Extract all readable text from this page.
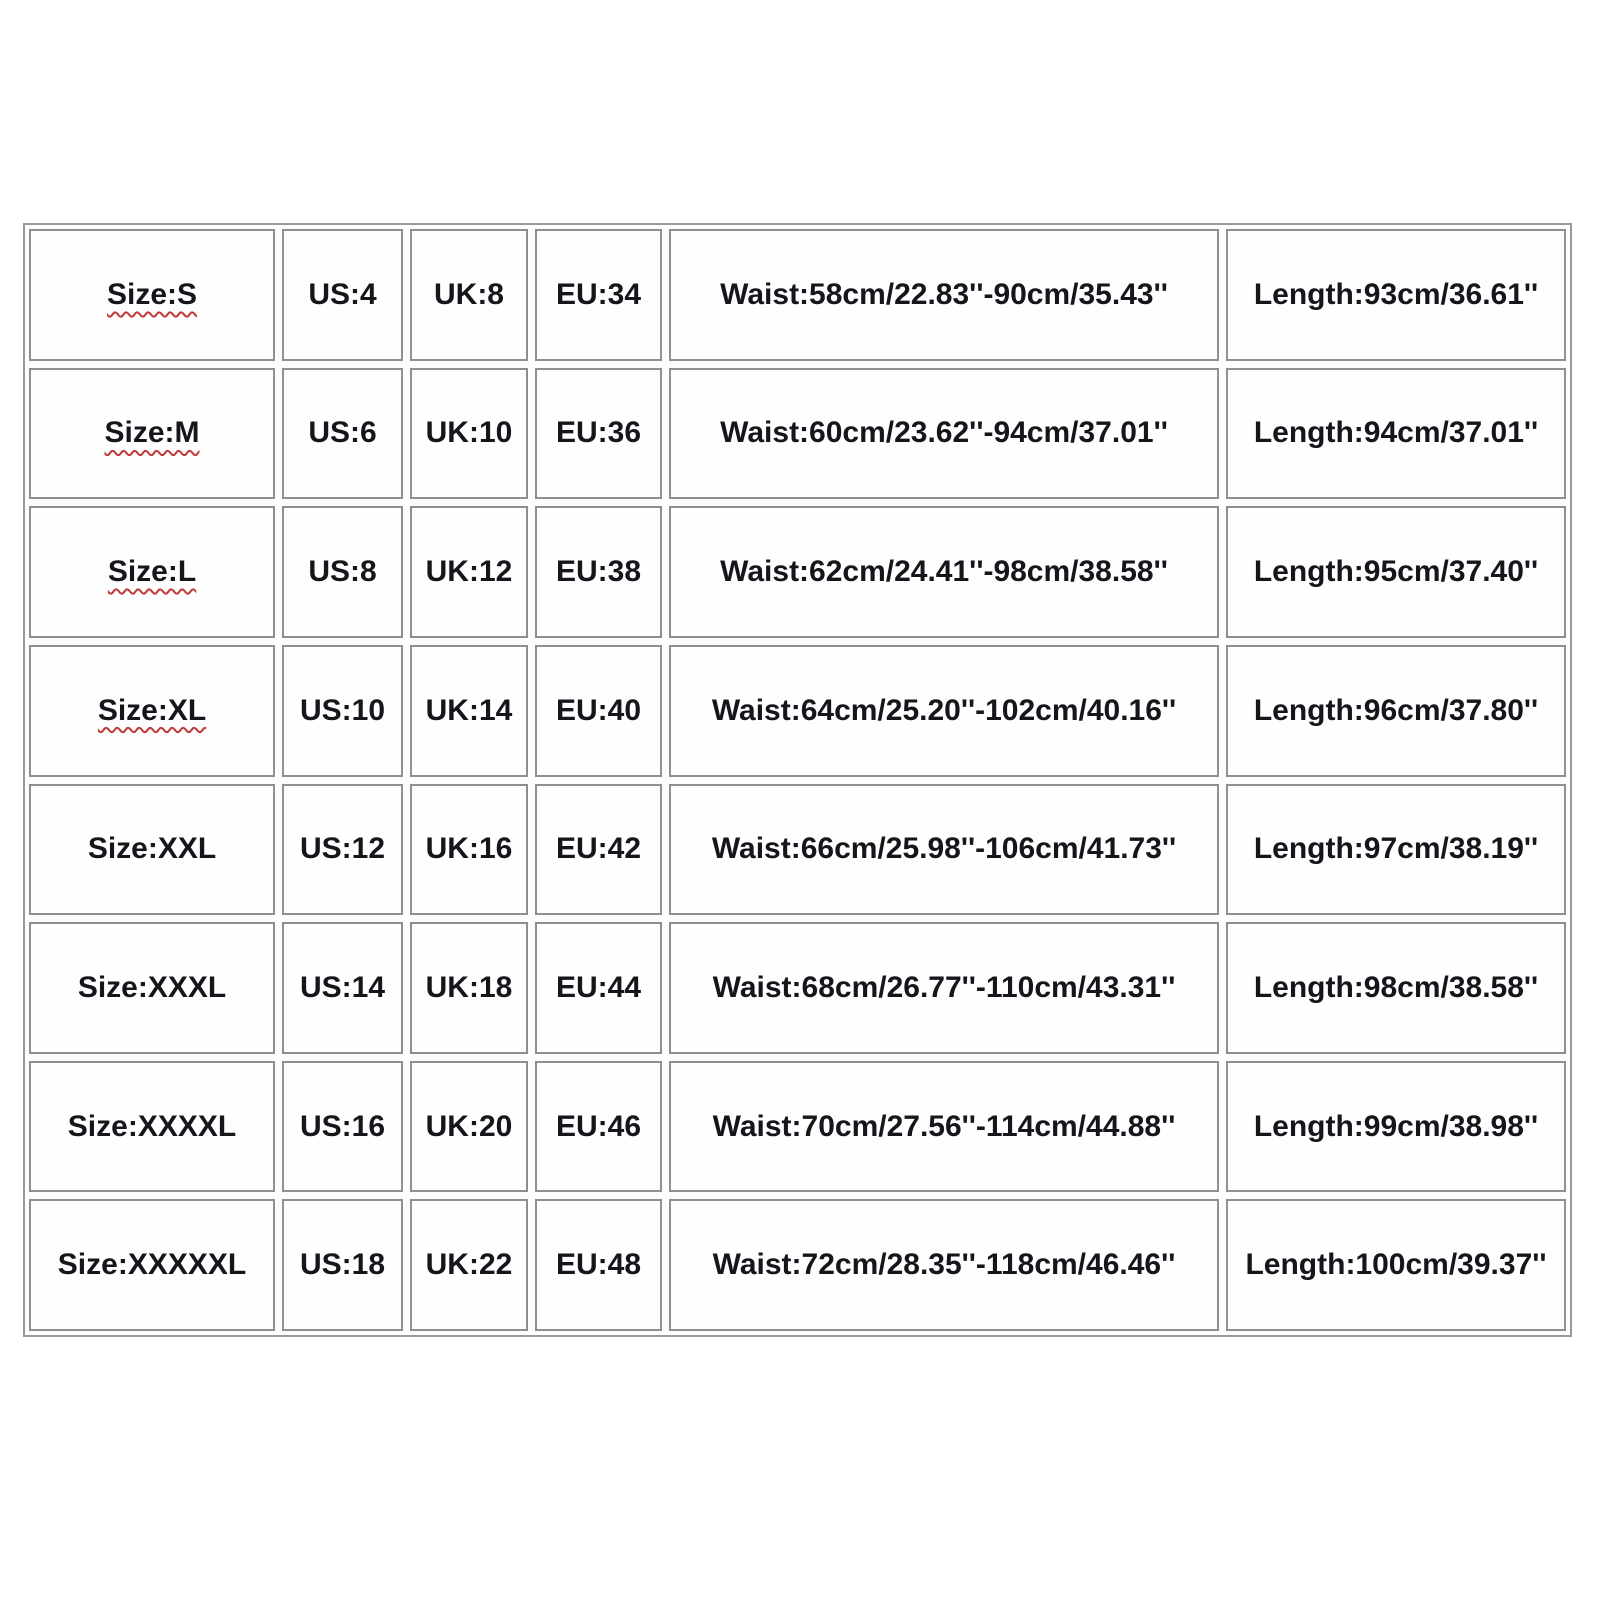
Size:S	US:4	UK:8	EU:34	Waist:58cm/22.83''-90cm/35.43''	Length:93cm/36.61''
Size:M	US:6	UK:10	EU:36	Waist:60cm/23.62''-94cm/37.01''	Length:94cm/37.01''
Size:L	US:8	UK:12	EU:38	Waist:62cm/24.41''-98cm/38.58''	Length:95cm/37.40''
Size:XL	US:10	UK:14	EU:40	Waist:64cm/25.20''-102cm/40.16''	Length:96cm/37.80''
Size:XXL	US:12	UK:16	EU:42	Waist:66cm/25.98''-106cm/41.73''	Length:97cm/38.19''
Size:XXXL	US:14	UK:18	EU:44	Waist:68cm/26.77''-110cm/43.31''	Length:98cm/38.58''
Size:XXXXL	US:16	UK:20	EU:46	Waist:70cm/27.56''-114cm/44.88''	Length:99cm/38.98''
Size:XXXXXL	US:18	UK:22	EU:48	Waist:72cm/28.35''-118cm/46.46''	Length:100cm/39.37''
